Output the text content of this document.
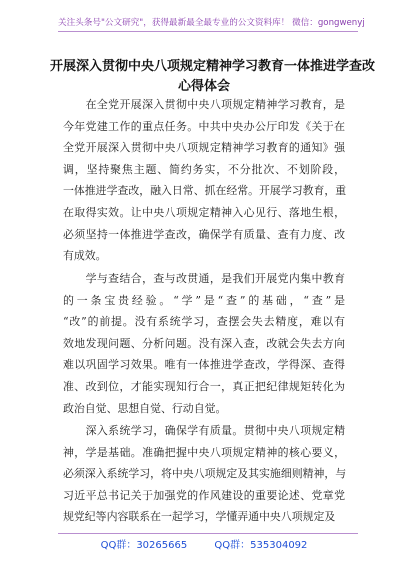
关注头条号"公文研究"，获得最新最全最专业的公文资料库！ 微信：gongwenyj
开展深入贯彻中央八项规定精神学习教育一体推进学查改
心得体会
　　在全党开展深入贯彻中央八项规定精神学习教育，是
今年党建工作的重点任务。中共中央办公厅印发《关于在
全党开展深入贯彻中央八项规定精神学习教育的通知》强
调，坚持聚焦主题、简约务实，不分批次、不划阶段，
一体推进学查改，融入日常、抓在经常。开展学习教育，重
在取得实效。让中央八项规定精神入心见行、落地生根，
必须坚持一体推进学查改，确保学有质量、查有力度、改
有成效。
　　学与查结合，查与改贯通，是我们开展党内集中教育
的一条宝贵经验。“学”是“查”的基础，“查”是
“改”的前提。没有系统学习，查摆会失去精度，难以有
效地发现问题、分析问题。没有深入查，改就会失去方向
难以巩固学习效果。唯有一体推进学查改，学得深、查得
准、改到位，才能实现知行合一，真正把纪律规矩转化为
政治自觉、思想自觉、行动自觉。
　　深入系统学习，确保学有质量。贯彻中央八项规定精
神，学是基础。准确把握中央八项规定精神的核心要义，
必须深入系统学习，将中央八项规定及其实施细则精神，与
习近平总书记关于加强党的作风建设的重要论述、党章党
规党纪等内容联系在一起学习，学懂弄通中央八项规定及
QQ群：30265665	QQ群：535304092
